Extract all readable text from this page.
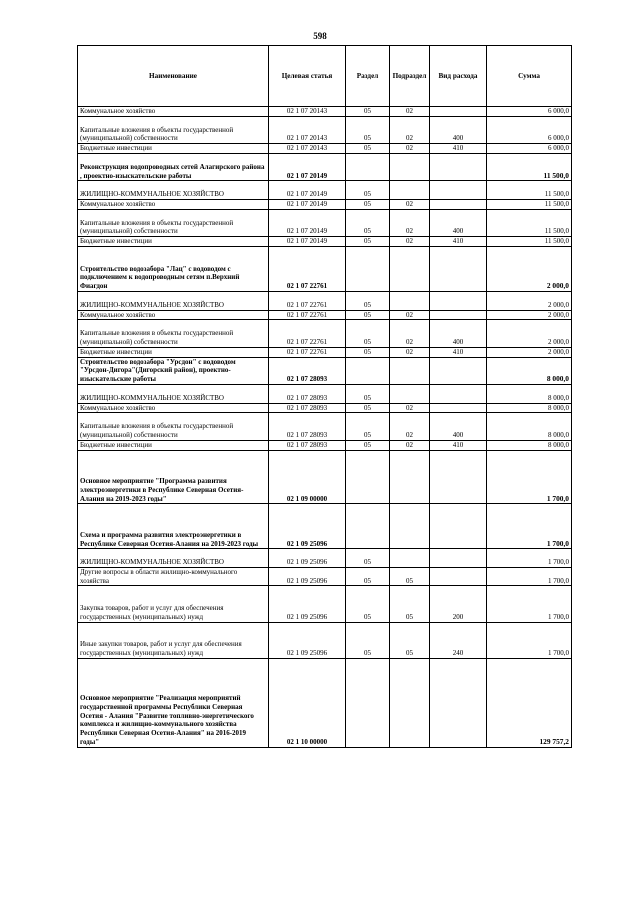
598
Наименование	Целевая статья	Раздел	Подраздел	Вид расхода	Сумма
Коммунальное хозяйство	02 1 07 20143	05	02		6 000,0
Капитальные вложения в объекты государственной (муниципальной) собственности	02 1 07 20143	05	02	400	6 000,0
Бюджетные инвестиции	02 1 07 20143	05	02	410	6 000,0
Реконструкция водопроводных сетей Алагирского района , проектно-изыскательские работы	02 1 07 20149				11 500,0
ЖИЛИЩНО-КОММУНАЛЬНОЕ ХОЗЯЙСТВО	02 1 07 20149	05			11 500,0
Коммунальное хозяйство	02 1 07 20149	05	02		11 500,0
Капитальные вложения в объекты государственной (муниципальной) собственности	02 1 07 20149	05	02	400	11 500,0
Бюджетные инвестиции	02 1 07 20149	05	02	410	11 500,0
Строительство водозабора "Лац" с водоводом с подключением к водопроводным сетям п.Верхний Фиагдон	02 1 07 22761				2 000,0
ЖИЛИЩНО-КОММУНАЛЬНОЕ ХОЗЯЙСТВО	02 1 07 22761	05			2 000,0
Коммунальное хозяйство	02 1 07 22761	05	02		2 000,0
Капитальные вложения в объекты государственной (муниципальной) собственности	02 1 07 22761	05	02	400	2 000,0
Бюджетные инвестиции	02 1 07 22761	05	02	410	2 000,0
Строительство водозабора "Урсдон" с водоводом "Урсдон-Дигора"(Дигорский район), проектно-изыскательские работы	02 1 07 28093				8 000,0
ЖИЛИЩНО-КОММУНАЛЬНОЕ ХОЗЯЙСТВО	02 1 07 28093	05			8 000,0
Коммунальное хозяйство	02 1 07 28093	05	02		8 000,0
Капитальные вложения в объекты государственной (муниципальной) собственности	02 1 07 28093	05	02	400	8 000,0
Бюджетные инвестиции	02 1 07 28093	05	02	410	8 000,0
Основное мероприятие "Программа развития электроэнергетики в Республике Северная Осетия-Алания на 2019-2023 годы"	02 1 09 00000				1 700,0
Схема и программа развития электроэнергетики в Республике Северная Осетия-Алания на 2019-2023 годы	02 1 09 25096				1 700,0
ЖИЛИЩНО-КОММУНАЛЬНОЕ ХОЗЯЙСТВО	02 1 09 25096	05			1 700,0
Другие вопросы в области жилищно-коммунального хозяйства	02 1 09 25096	05	05		1 700,0
Закупка товаров, работ и услуг для обеспечения государственных (муниципальных) нужд	02 1 09 25096	05	05	200	1 700,0
Иные закупки товаров, работ и услуг для обеспечения государственных (муниципальных) нужд	02 1 09 25096	05	05	240	1 700,0
Основное мероприятие "Реализация мероприятий государственной программы Республики Северная Осетия - Алания "Развитие топливно-энергетического комплекса и жилищно-коммунального хозяйства Республики Северная Осетия-Алания" на 2016-2019 годы"	02 1 10 00000				129 757,2
